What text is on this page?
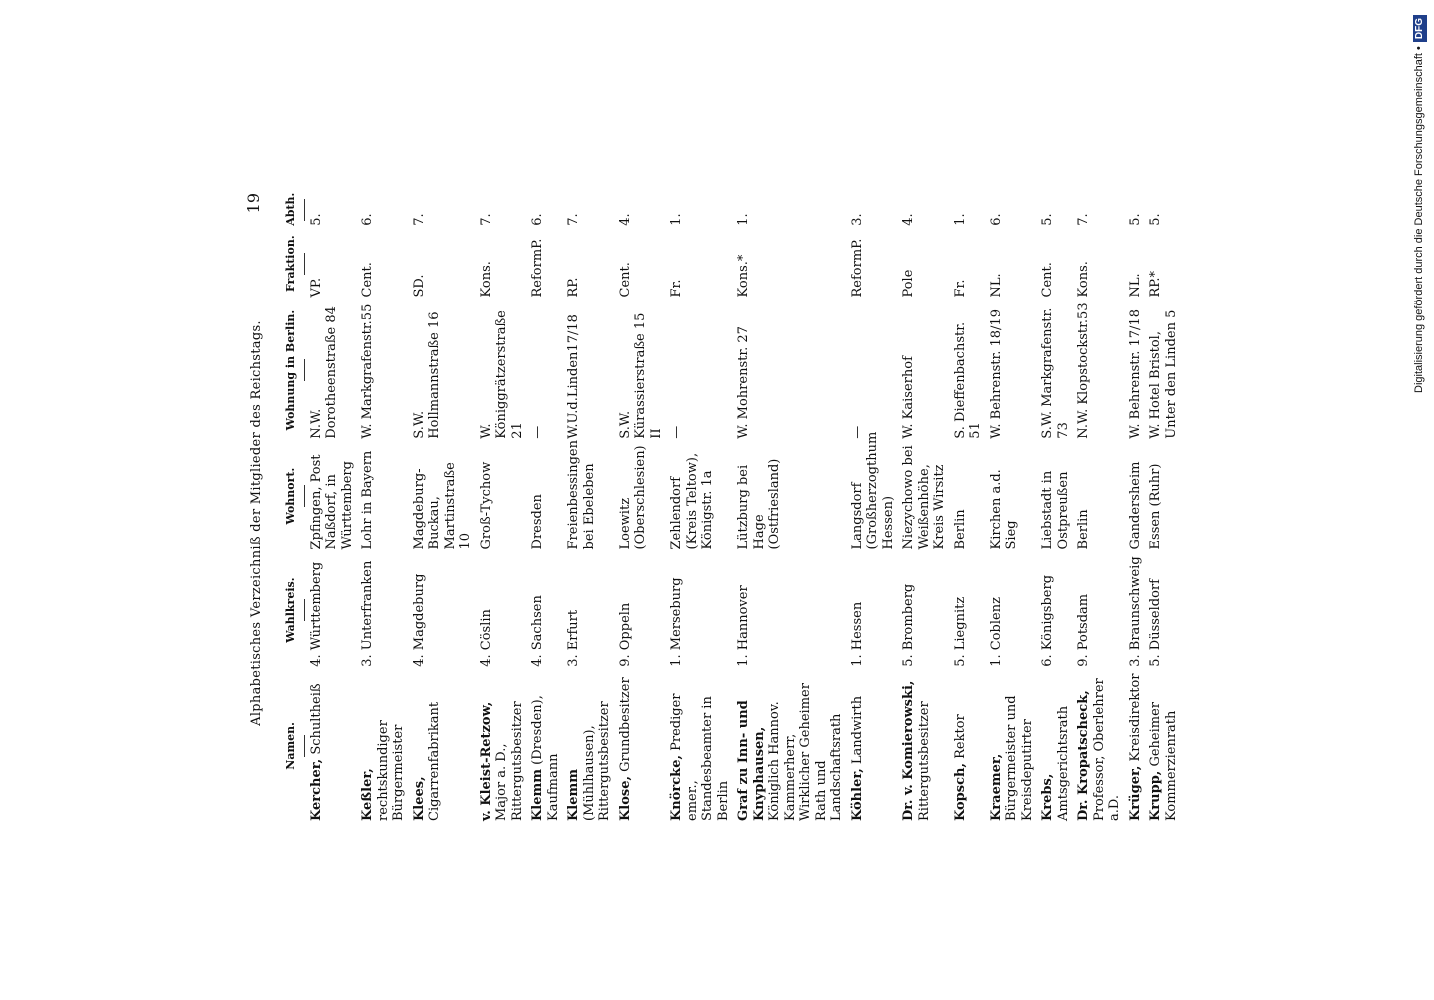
19
Alphabetisches Verzeichniß der Mitglieder des Reichstags.
Namen.	Wahlkreis.	Wohnort.	Wohnung in Berlin.	Fraktion.	Abth.

Kercher, Schultheiß	4. Württemberg	Zpfingen, Post Naßdorf, in Württemberg	N.W. Dorotheenstraße 84	VP.	5.
Keßler, rechtskundiger Bürgermeister	3. Unterfranken	Lohr in Bayern	W. Markgrafenstr.55	Cent.	6.
Klees, Cigarrenfabrikant	4. Magdeburg	Magdeburg-Buckau, Martinstraße 10	S.W. Hollmannstraße 16	SD.	7.
v. Kleist-Retzow, Major a. D., Rittergutsbesitzer	4. Cöslin	Groß-Tychow	W. Königgrätzerstraße 21	Kons.	7.
Klemm (Dresden), Kaufmann	4. Sachsen	Dresden	—	ReformP.	6.
Klemm (Mühlhausen), Rittergutsbesitzer	3. Erfurt	Freienbessingen bei Ebeleben	W.U.d.Linden17/18	RP.	7.
Klose, Grundbesitzer	9. Oppeln	Loewitz (Oberschlesien)	S.W. Kürassierstraße 15 II	Cent.	4.
Knörcke, Prediger emer., Standesbeamter in Berlin	1. Merseburg	Zehlendorf (Kreis Teltow), Königstr. 1a	—	Fr.	1.
Graf zu Inn- und Knyphausen, Königlich Hannov. Kammerherr, Wirklicher Geheimer Rath und Landschaftsrath	1. Hannover	Lützburg bei Hage (Ostfriesland)	W. Mohrenstr. 27	Kons.*	1.
Köhler, Landwirth	1. Hessen	Langsdorf (Großherzogthum Hessen)	—	ReformP.	3.
Dr. v. Komierowski, Rittergutsbesitzer	5. Bromberg	Niezychowo bei Weißenhöhe, Kreis Wirsitz	W. Kaiserhof	Pole	4.
Kopsch, Rektor	5. Liegnitz	Berlin	S. Dieffenbachstr. 51	Fr.	1.
Kraemer, Bürgermeister und Kreisdeputirter	1. Coblenz	Kirchen a.d. Sieg	W. Behrenstr. 18/19	NL.	6.
Krebs, Amtsgerichtsrath	6. Königsberg	Liebstadt in Ostpreußen	S.W. Markgrafenstr. 73	Cent.	5.
Dr. Kropatscheck, Professor, Oberlehrer a.D.	9. Potsdam	Berlin	N.W. Klopstockstr.53	Kons.	7.
Krüger, Kreisdirektor	3. Braunschweig	Gandersheim	W. Behrenstr. 17/18	NL.	5.
Krupp, Geheimer Kommerzienrath	5. Düsseldorf	Essen (Ruhr)	W. Hotel Bristol, Unter den Linden 5	RP.*	5.	Digitalisierung gefördert durch die Deutsche Forschungsgemeinschaft •DFG
